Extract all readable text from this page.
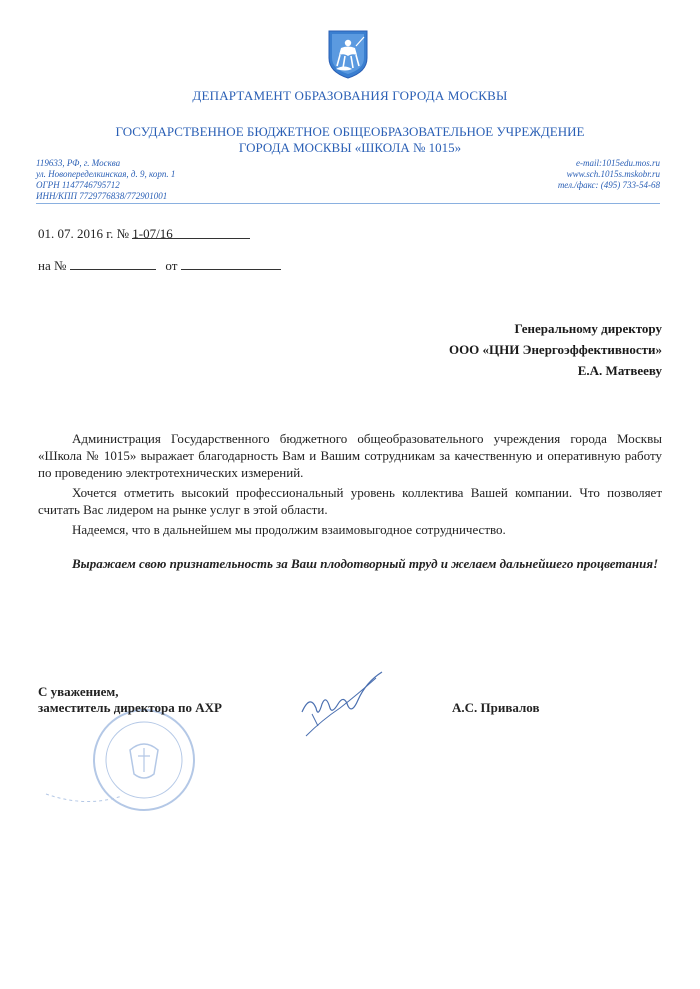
ДЕПАРТАМЕНТ ОБРАЗОВАНИЯ ГОРОДА МОСКВЫ
ГОСУДАРСТВЕННОЕ БЮДЖЕТНОЕ ОБЩЕОБРАЗОВАТЕЛЬНОЕ УЧРЕЖДЕНИЕ
ГОРОДА МОСКВЫ «ШКОЛА № 1015»
119633, РФ, г. Москва
ул. Новопеределкинская, д. 9, корп. 1
ОГРН 1147746795712
ИНН/КПП 7729776838/772901001
e-mail:1015edu.mos.ru
www.sch.1015s.mskobr.ru
тел./факс: (495) 733-54-68
01. 07. 2016 г. № 1-07/16
на №	от
Генеральному директору
ООО «ЦНИ Энергоэффективности»
Е.А. Матвееву

Администрация Государственного бюджетного общеобразовательного учреждения города Москвы «Школа № 1015» выражает благодарность Вам и Вашим сотрудникам за качественную и оперативную работу по проведению электротехнических измерений.

Хочется отметить высокий профессиональный уровень коллектива Вашей компании. Что позволяет считать Вас лидером на рынке услуг в этой области.

Надеемся, что в дальнейшем мы продолжим взаимовыгодное сотрудничество.

Выражаем свою признательность за Ваш плодотворный труд и желаем дальнейшего процветания!
С уважением,
заместитель директора по АХР	А.С. Привалов
